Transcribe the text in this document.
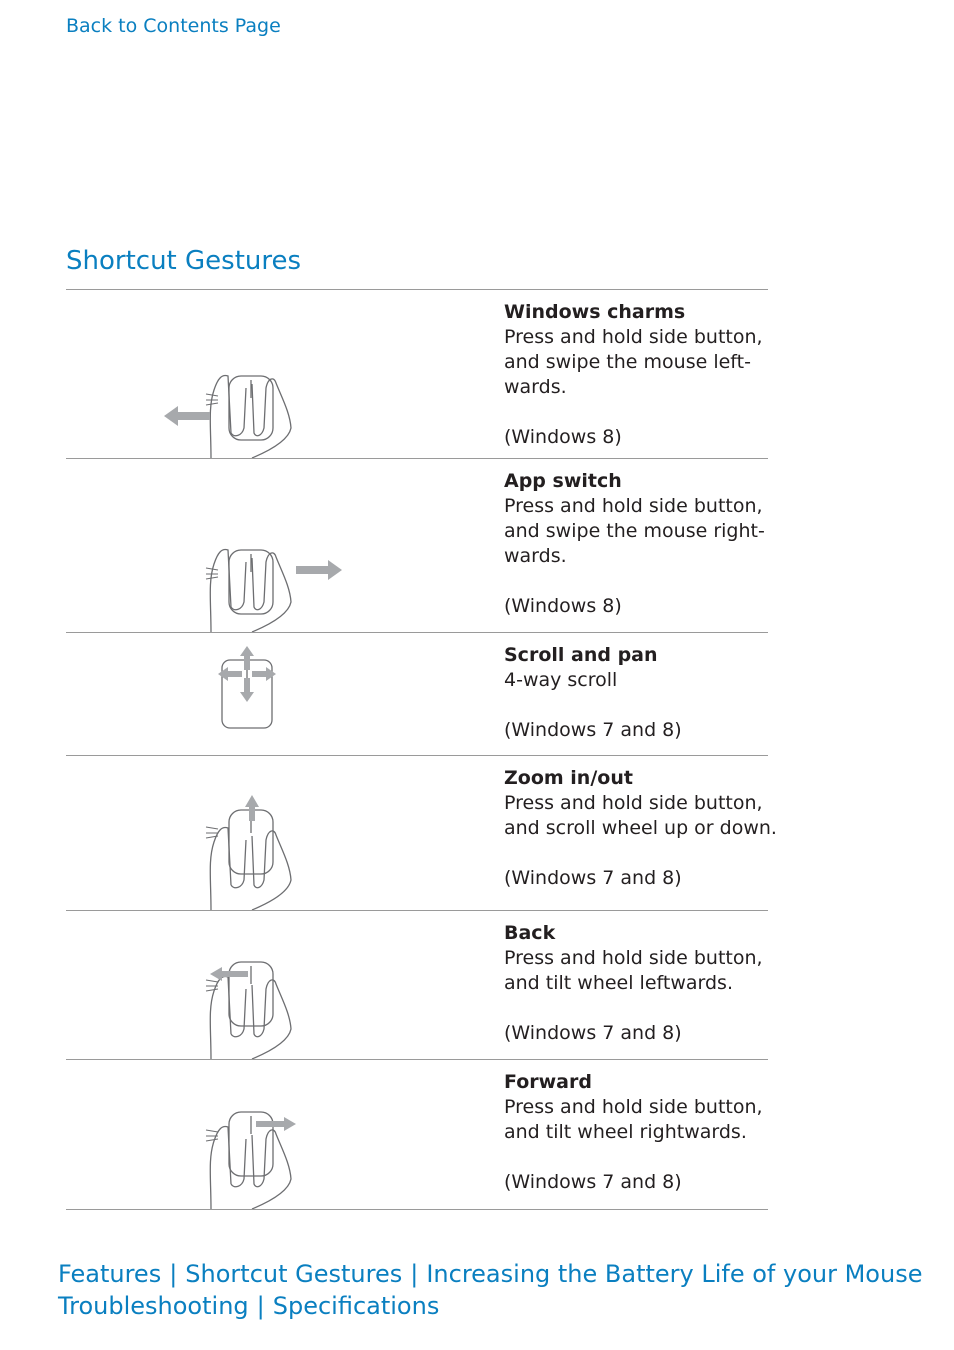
Back to Contents Page
Shortcut Gestures
Windows charms
Press and hold side button,
and swipe the mouse left-
wards.
(Windows 8)
App switch
Press and hold side button,
and swipe the mouse right-
wards.
(Windows 8)
Scroll and pan
4-way scroll
(Windows 7 and 8)
Zoom in/out
Press and hold side button,
and scroll wheel up or down.
(Windows 7 and 8)
Back
Press and hold side button,
and tilt wheel leftwards.
(Windows 7 and 8)
Forward
Press and hold side button,
and tilt wheel rightwards.
(Windows 7 and 8)
Features | Shortcut Gestures | Increasing the Battery Life of your Mouse
Troubleshooting | Specifications
